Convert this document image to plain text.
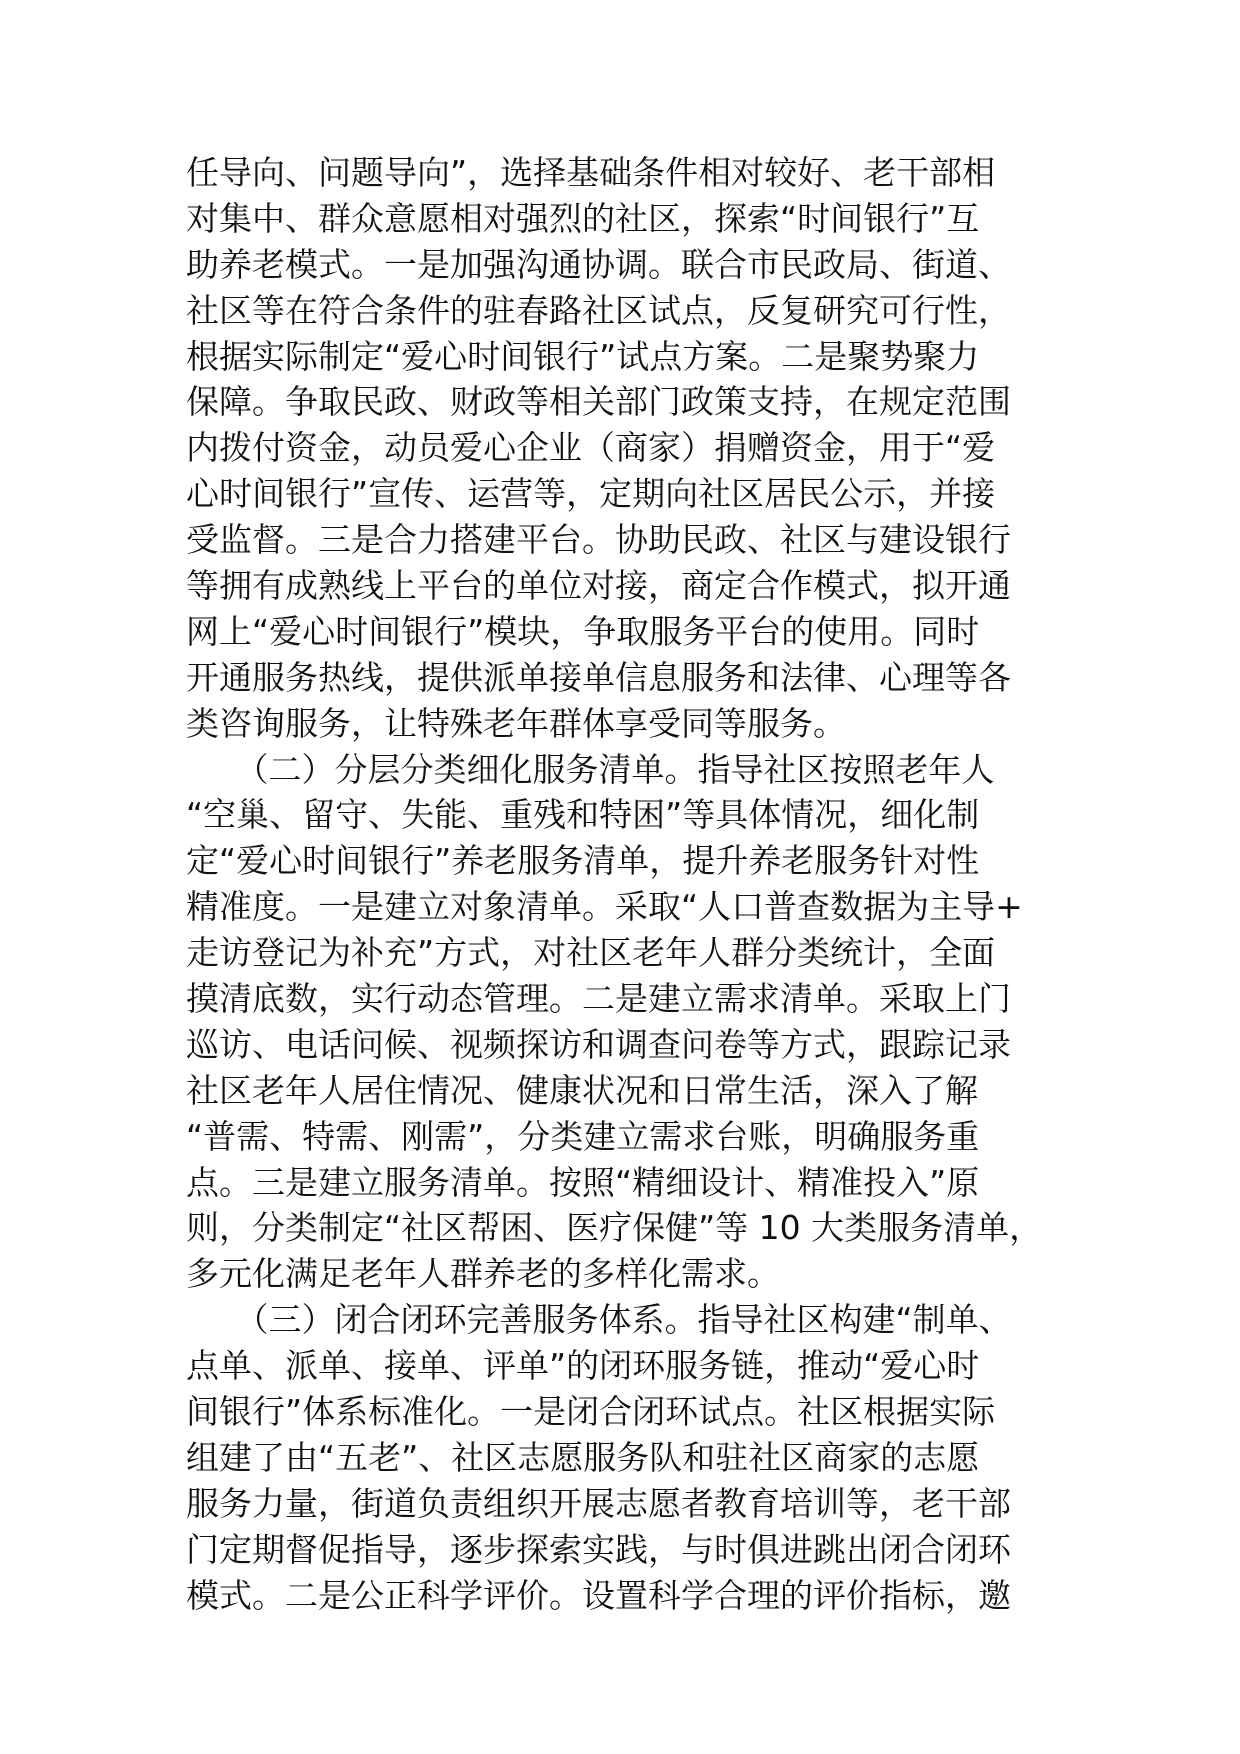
任导向、问题导向”，选择基础条件相对较好、老干部相
对集中、群众意愿相对强烈的社区，探索“时间银行”互
助养老模式。一是加强沟通协调。联合市民政局、街道、
社区等在符合条件的驻春路社区试点，反复研究可行性，
根据实际制定“爱心时间银行”试点方案。二是聚势聚力
保障。争取民政、财政等相关部门政策支持，在规定范围
内拨付资金，动员爱心企业（商家）捐赠资金，用于“爱
心时间银行”宣传、运营等，定期向社区居民公示，并接
受监督。三是合力搭建平台。协助民政、社区与建设银行
等拥有成熟线上平台的单位对接，商定合作模式，拟开通
网上“爱心时间银行”模块，争取服务平台的使用。同时
开通服务热线，提供派单接单信息服务和法律、心理等各
类咨询服务，让特殊老年群体享受同等服务。
　　（二）分层分类细化服务清单。指导社区按照老年人
“空巢、留守、失能、重残和特困”等具体情况，细化制
定“爱心时间银行”养老服务清单，提升养老服务针对性
精准度。一是建立对象清单。采取“人口普查数据为主导+
走访登记为补充”方式，对社区老年人群分类统计，全面
摸清底数，实行动态管理。二是建立需求清单。采取上门
巡访、电话问候、视频探访和调查问卷等方式，跟踪记录
社区老年人居住情况、健康状况和日常生活，深入了解
“普需、特需、刚需”，分类建立需求台账，明确服务重
点。三是建立服务清单。按照“精细设计、精准投入”原
则，分类制定“社区帮困、医疗保健”等 10 大类服务清单，
多元化满足老年人群养老的多样化需求。
　　（三）闭合闭环完善服务体系。指导社区构建“制单、
点单、派单、接单、评单”的闭环服务链，推动“爱心时
间银行”体系标准化。一是闭合闭环试点。社区根据实际
组建了由“五老”、社区志愿服务队和驻社区商家的志愿
服务力量，街道负责组织开展志愿者教育培训等，老干部
门定期督促指导，逐步探索实践，与时俱进跳出闭合闭环
模式。二是公正科学评价。设置科学合理的评价指标，邀
